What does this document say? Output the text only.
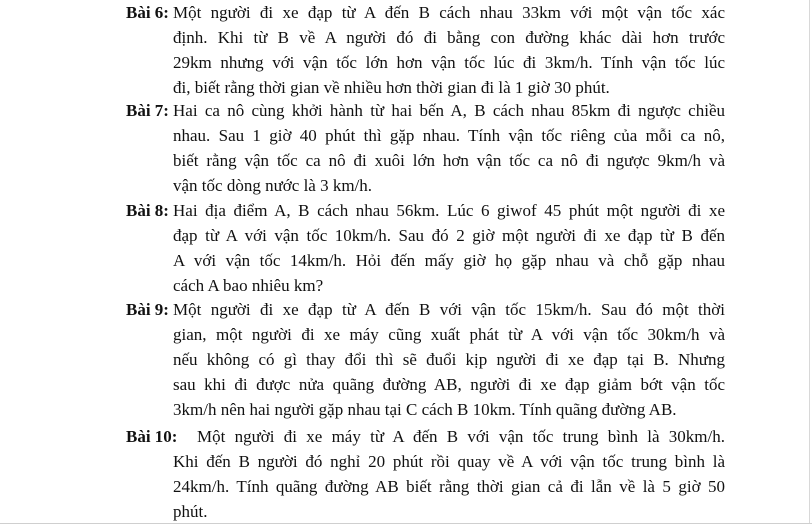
Bài 6: Một người đi xe đạp từ A đến B cách nhau 33km với một vận tốc xác
định. Khi từ B về A người đó đi bằng con đường khác dài hơn trước
29km nhưng với vận tốc lớn hơn vận tốc lúc đi 3km/h. Tính vận tốc lúc
đi, biết rằng thời gian về nhiều hơn thời gian đi là 1 giờ 30 phút.
Bài 7: Hai ca nô cùng khởi hành từ hai bến A, B cách nhau 85km đi ngược chiều
nhau. Sau 1 giờ 40 phút thì gặp nhau. Tính vận tốc riêng của mỗi ca nô,
biết rằng vận tốc ca nô đi xuôi lớn hơn vận tốc ca nô đi ngược 9km/h và
vận tốc dòng nước là 3 km/h.
Bài 8: Hai địa điểm A, B cách nhau 56km. Lúc 6 giwof 45 phút một người đi xe
đạp từ A với vận tốc 10km/h. Sau đó 2 giờ một người đi xe đạp từ B đến
A với vận tốc 14km/h. Hỏi đến mấy giờ họ gặp nhau và chỗ gặp nhau
cách A bao nhiêu km?
Bài 9: Một người đi xe đạp từ A đến B với vận tốc 15km/h. Sau đó một thời
gian, một người đi xe máy cũng xuất phát từ A với vận tốc 30km/h và
nếu không có gì thay đổi thì sẽ đuổi kịp người đi xe đạp tại B. Nhưng
sau khi đi được nửa quãng đường AB, người đi xe đạp giảm bớt vận tốc
3km/h nên hai người gặp nhau tại C cách B 10km. Tính quãng đường AB.
Bài 10: Một người đi xe máy từ A đến B với vận tốc trung bình là 30km/h.
Khi đến B người đó nghỉ 20 phút rồi quay về A với vận tốc trung bình là
24km/h. Tính quãng đường AB biết rằng thời gian cả đi lẫn về là 5 giờ 50
phút.
